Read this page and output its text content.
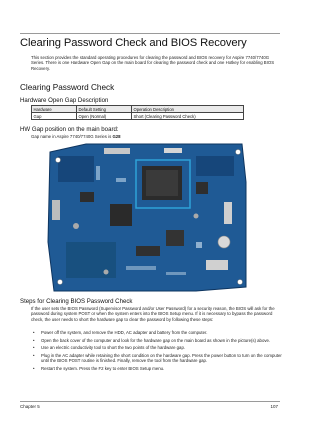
Clearing Password Check and BIOS Recovery

This section provides the standard operating procedures for clearing the password and BIOS recovery for Aspire 7740/7740G Series. There is one Hardware Open Gap on the main board for clearing the password check and one Hotkey for enabling BIOS Recovery.

Clearing Password Check
Hardware Open Gap Description
Hardware	Default Setting	Operation Description
Gap	Open (Normal)	Short (Clearing Password Check)
HW Gap position on the main board:

Gap name in Aspire 7740/7740G Series is G28

Steps for Clearing BIOS Password Check

If the user sets the BIOS Password (Supervisor Password and/or User Password) for a security reason, the BIOS will ask for the password during system POST or when the system enters into the BIOS Setup menu. If it is necessary to bypass the password check, the user needs to short the hardware gap to clear the password by following these steps:

• Power off the system, and remove the HDD, AC adapter and battery from the computer.
• Open the back cover of the computer and look for the hardware gap on the main board as shown in the picture(s) above.
• Use an electric conductivity tool to short the two points of the hardware gap.
• Plug in the AC adapter while retaining the short condition on the hardware gap. Press the power button to turn on the computer until the BIOS POST routine is finished. Finally, remove the tool from the hardware gap.
• Restart the system. Press the F2 key to enter BIOS Setup menu.
Chapter 5	107
